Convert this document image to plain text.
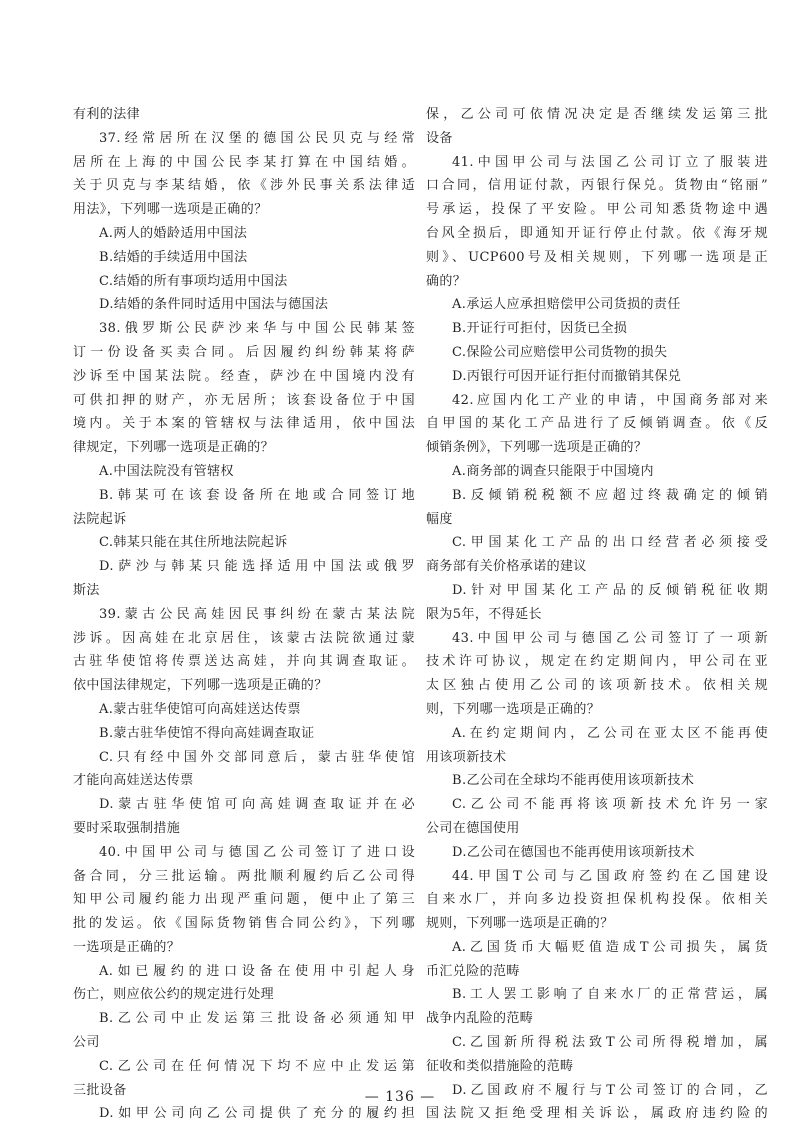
有利的法律
37.经常居所在汉堡的德国公民贝克与经常
居所在上海的中国公民李某打算在中国结婚。
关于贝克与李某结婚，依《涉外民事关系法律适
用法》，下列哪一选项是正确的？
A.两人的婚龄适用中国法
B.结婚的手续适用中国法
C.结婚的所有事项均适用中国法
D.结婚的条件同时适用中国法与德国法
38.俄罗斯公民萨沙来华与中国公民韩某签
订一份设备买卖合同。后因履约纠纷韩某将萨
沙诉至中国某法院。经查，萨沙在中国境内没有
可供扣押的财产，亦无居所；该套设备位于中国
境内。关于本案的管辖权与法律适用，依中国法
律规定，下列哪一选项是正确的？
A.中国法院没有管辖权
B.韩某可在该套设备所在地或合同签订地
法院起诉
C.韩某只能在其住所地法院起诉
D.萨沙与韩某只能选择适用中国法或俄罗
斯法
39.蒙古公民高娃因民事纠纷在蒙古某法院
涉诉。因高娃在北京居住，该蒙古法院欲通过蒙
古驻华使馆将传票送达高娃，并向其调查取证。
依中国法律规定，下列哪一选项是正确的？
A.蒙古驻华使馆可向高娃送达传票
B.蒙古驻华使馆不得向高娃调查取证
C.只有经中国外交部同意后，蒙古驻华使馆
才能向高娃送达传票
D.蒙古驻华使馆可向高娃调查取证并在必
要时采取强制措施
40.中国甲公司与德国乙公司签订了进口设
备合同，分三批运输。两批顺利履约后乙公司得
知甲公司履约能力出现严重问题，便中止了第三
批的发运。依《国际货物销售合同公约》，下列哪
一选项是正确的？
A.如已履约的进口设备在使用中引起人身
伤亡，则应依公约的规定进行处理
B.乙公司中止发运第三批设备必须通知甲
公司
C.乙公司在任何情况下均不应中止发运第
三批设备
D.如甲公司向乙公司提供了充分的履约担
保，乙公司可依情况决定是否继续发运第三批
设备
41.中国甲公司与法国乙公司订立了服装进
口合同，信用证付款，丙银行保兑。货物由“铭丽”
号承运，投保了平安险。甲公司知悉货物途中遇
台风全损后，即通知开证行停止付款。依《海牙规
则》、UCP600号及相关规则，下列哪一选项是正
确的？
A.承运人应承担赔偿甲公司货损的责任
B.开证行可拒付，因货已全损
C.保险公司应赔偿甲公司货物的损失
D.丙银行可因开证行拒付而撤销其保兑
42.应国内化工产业的申请，中国商务部对来
自甲国的某化工产品进行了反倾销调查。依《反
倾销条例》，下列哪一选项是正确的？
A.商务部的调查只能限于中国境内
B.反倾销税税额不应超过终裁确定的倾销
幅度
C.甲国某化工产品的出口经营者必须接受
商务部有关价格承诺的建议
D.针对甲国某化工产品的反倾销税征收期
限为5年，不得延长
43.中国甲公司与德国乙公司签订了一项新
技术许可协议，规定在约定期间内，甲公司在亚
太区独占使用乙公司的该项新技术。依相关规
则，下列哪一选项是正确的？
A.在约定期间内，乙公司在亚太区不能再使
用该项新技术
B.乙公司在全球均不能再使用该项新技术
C.乙公司不能再将该项新技术允许另一家
公司在德国使用
D.乙公司在德国也不能再使用该项新技术
44.甲国T公司与乙国政府签约在乙国建设
自来水厂，并向多边投资担保机构投保。依相关
规则，下列哪一选项是正确的？
A.乙国货币大幅贬值造成T公司损失，属货
币汇兑险的范畴
B.工人罢工影响了自来水厂的正常营运，属
战争内乱险的范畴
C.乙国新所得税法致T公司所得税增加，属
征收和类似措施险的范畴
D.乙国政府不履行与T公司签订的合同，乙
国法院又拒绝受理相关诉讼，属政府违约险的
— 136 —
